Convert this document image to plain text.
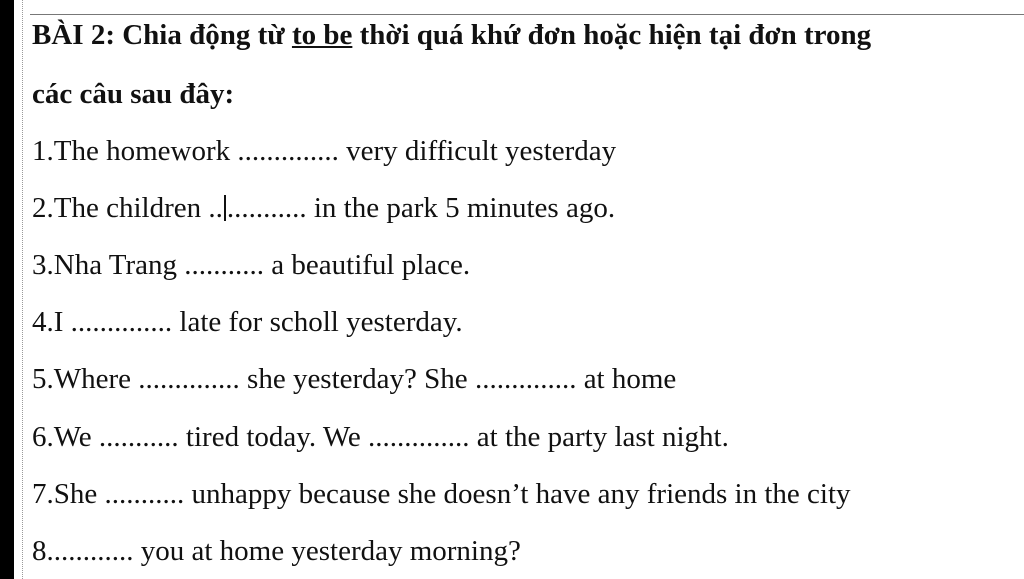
BÀI 2: Chia động từ to be thời quá khứ đơn hoặc hiện tại đơn trong
các câu sau đây:
1.The homework .............. very difficult yesterday
2.The children .. ........... in the park 5 minutes ago.
3.Nha Trang ........... a beautiful place.
4.I .............. late for scholl yesterday.
5.Where .............. she yesterday? She .............. at home
6.We ........... tired today. We .............. at the party last night.
7.She ........... unhappy because she doesn’t have any friends in the city
8............ you at home yesterday morning?
